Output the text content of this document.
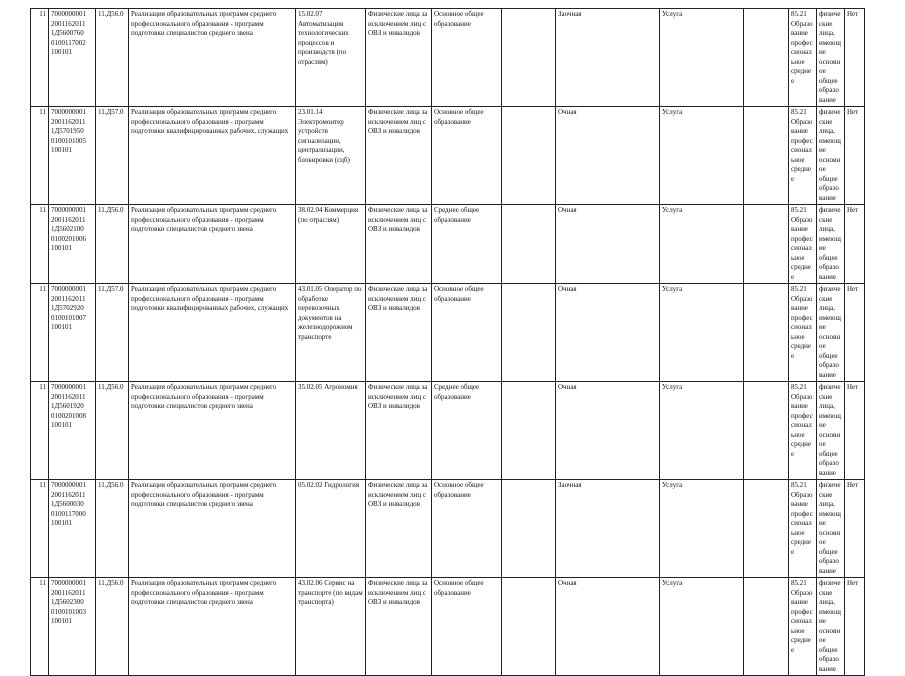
11	7000000001
2001162011
1Д5600760
0100117002
100101	11.Д56.0	Реализация образовательных программ среднего профессионального образования - программ подготовки специалистов среднего звена	15.02.07 Автоматизация технологических процессов и производств (по отраслям)	Физические лица за исключением лиц с ОВЗ и инвалидов	Основное общее образование		Заочная	Услуга		85.21 Образование профессиональное среднее	физические лица, имеющие основное общее образование	Нет		
11	7000000001
2001162011
1Д5701950
0100101005
100101	11.Д57.0	Реализация образовательных программ среднего профессионального образования - программ подготовки квалифицированных рабочих, служащих	23.01.14 Электромонтер устройств сигнализации, централизации, блокировки (сцб)	Физические лица за исключением лиц с ОВЗ и инвалидов	Основное общее образование		Очная	Услуга		85.21 Образование профессиональное среднее	физические лица, имеющие основное общее образование	Нет		
11	7000000001
2001162011
1Д5602100
0100201006
100101	11.Д56.0	Реализация образовательных программ среднего профессионального образования - программ подготовки специалистов среднего звена	38.02.04 Коммерция (по отраслям)	Физические лица за исключением лиц с ОВЗ и инвалидов	Среднее общее образование		Очная	Услуга		85.21 Образование профессиональное среднее	физические лица, имеющие общее образование	Нет		
11	7000000001
2001162011
1Д5702920
0100101007
100101	11.Д57.0	Реализация образовательных программ среднего профессионального образования - программ подготовки квалифицированных рабочих, служащих	43.01.05 Оператор по обработке перевозочных документов на железнодорожном транспорте	Физические лица за исключением лиц с ОВЗ и инвалидов	Основное общее образование		Очная	Услуга		85.21 Образование профессиональное среднее	физические лица, имеющие основное общее образование	Нет		
11	7000000001
2001162011
1Д5601920
0100201008
100101	11.Д56.0	Реализация образовательных программ среднего профессионального образования - программ подготовки специалистов среднего звена	35.02.05 Агрономия	Физические лица за исключением лиц с ОВЗ и инвалидов	Среднее общее образование		Очная	Услуга		85.21 Образование профессиональное среднее	физические лица, имеющие основное общее образование	Нет		
11	7000000001
2001162011
1Д5600030
0100117000
100101	11.Д56.0	Реализация образовательных программ среднего профессионального образования - программ подготовки специалистов среднего звена	05.02.02 Гидрология	Физические лица за исключением лиц с ОВЗ и инвалидов	Основное общее образование		Заочная	Услуга		85.21 Образование профессиональное среднее	физические лица, имеющие основное общее образование	Нет		
11	7000000001
2001162011
1Д5602300
0100101003
100101	11.Д56.0	Реализация образовательных программ среднего профессионального образования - программ подготовки специалистов среднего звена	43.02.06 Сервис на транспорте (по видам транспорта)	Физические лица за исключением лиц с ОВЗ и инвалидов	Основное общее образование		Очная	Услуга		85.21 Образование профессиональное среднее	физические лица, имеющие основное общее образование	Нет		
